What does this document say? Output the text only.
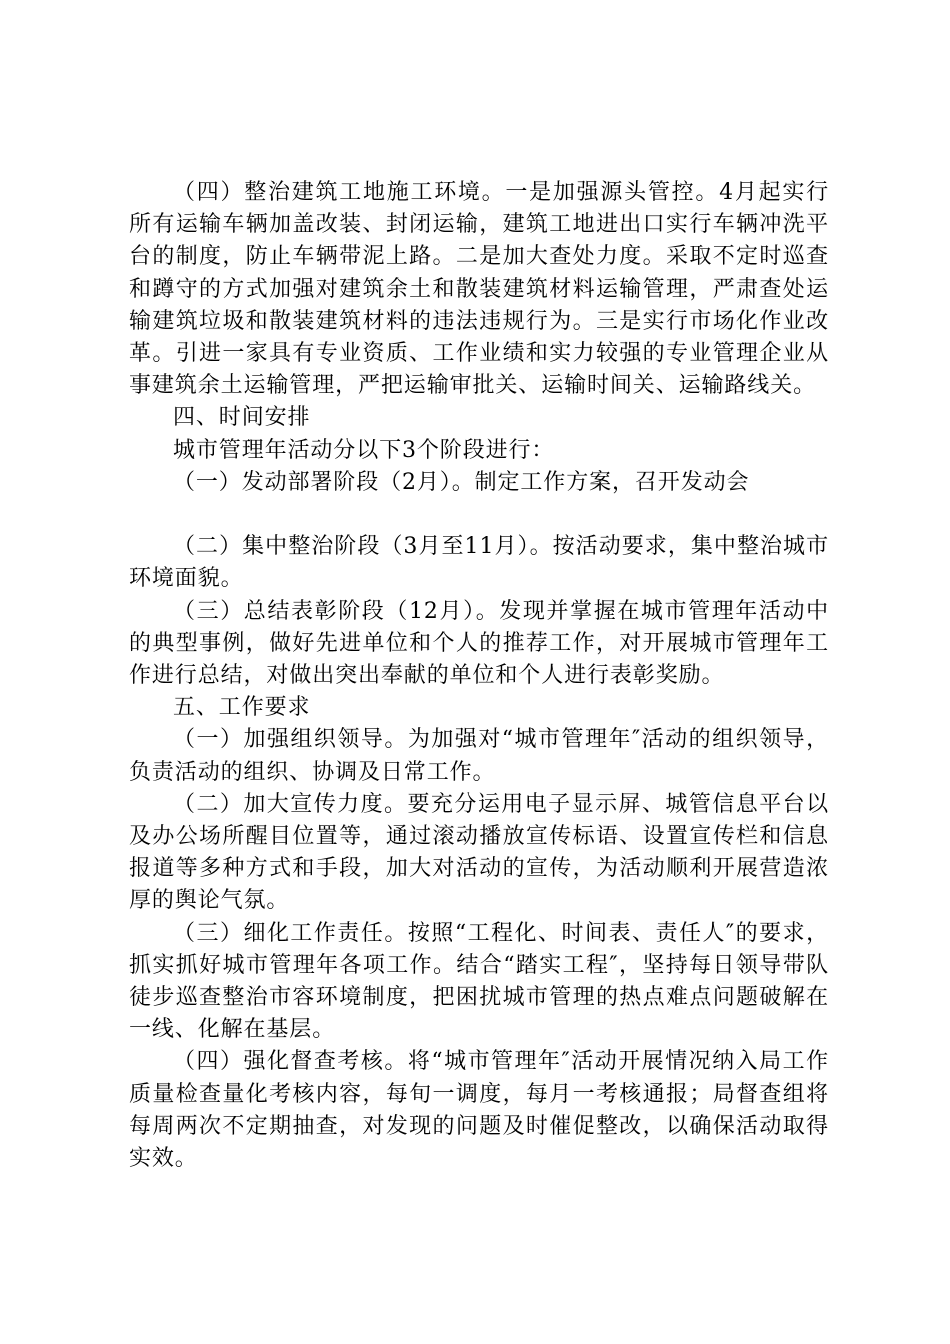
（四）整治建筑工地施工环境。一是加强源头管控。4月起实行所有运输车辆加盖改装、封闭运输，建筑工地进出口实行车辆冲洗平台的制度，防止车辆带泥上路。二是加大查处力度。采取不定时巡查和蹲守的方式加强对建筑余土和散装建筑材料运输管理，严肃查处运输建筑垃圾和散装建筑材料的违法违规行为。三是实行市场化作业改革。引进一家具有专业资质、工作业绩和实力较强的专业管理企业从事建筑余土运输管理，严把运输审批关、运输时间关、运输路线关。

四、时间安排

城市管理年活动分以下3个阶段进行：

（一）发动部署阶段（2月）。制定工作方案，召开发动会

（二）集中整治阶段（3月至11月）。按活动要求，集中整治城市环境面貌。

（三）总结表彰阶段（12月）。发现并掌握在城市管理年活动中的典型事例，做好先进单位和个人的推荐工作，对开展城市管理年工作进行总结，对做出突出奉献的单位和个人进行表彰奖励。

五、工作要求

（一）加强组织领导。为加强对“城市管理年″活动的组织领导，负责活动的组织、协调及日常工作。

（二）加大宣传力度。要充分运用电子显示屏、城管信息平台以及办公场所醒目位置等，通过滚动播放宣传标语、设置宣传栏和信息报道等多种方式和手段，加大对活动的宣传，为活动顺利开展营造浓厚的舆论气氛。

（三）细化工作责任。按照“工程化、时间表、责任人″的要求，抓实抓好城市管理年各项工作。结合“踏实工程″，坚持每日领导带队徒步巡查整治市容环境制度，把困扰城市管理的热点难点问题破解在一线、化解在基层。

（四）强化督查考核。将“城市管理年″活动开展情况纳入局工作质量检查量化考核内容，每旬一调度，每月一考核通报；局督查组将每周两次不定期抽查，对发现的问题及时催促整改，以确保活动取得实效。
